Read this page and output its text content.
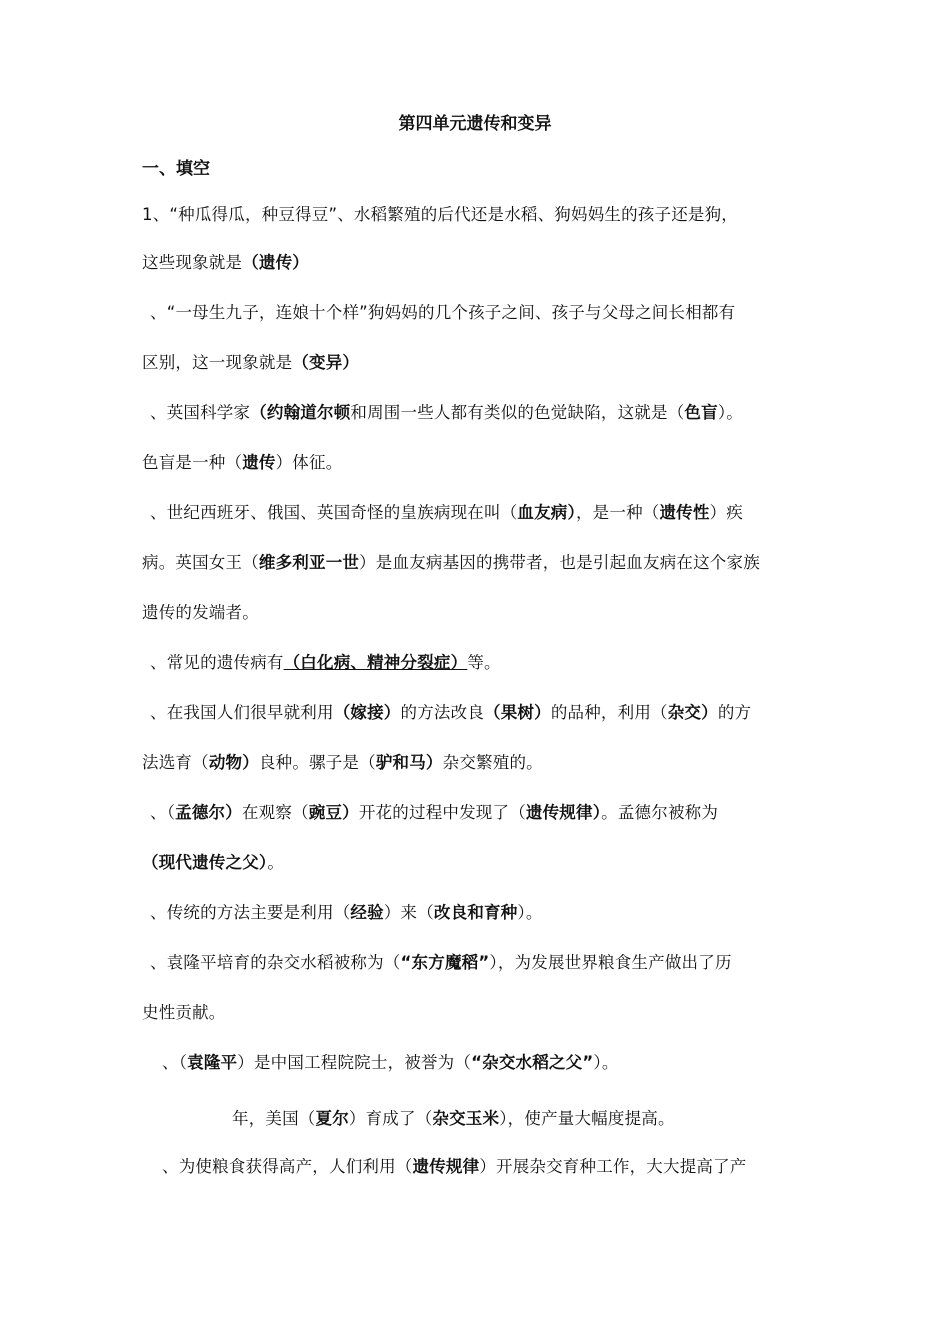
第四单元遗传和变异
一、填空
1、“种瓜得瓜，种豆得豆”、水稻繁殖的后代还是水稻、狗妈妈生的孩子还是狗，
这些现象就是（遗传）
、“一母生九子，连娘十个样”狗妈妈的几个孩子之间、孩子与父母之间长相都有
区别，这一现象就是（变异）
、英国科学家（约翰道尔顿和周围一些人都有类似的色觉缺陷，这就是（色盲）。
色盲是一种（遗传）体征。
、世纪西班牙、俄国、英国奇怪的皇族病现在叫（血友病），是一种（遗传性）疾
病。英国女王（维多利亚一世）是血友病基因的携带者，也是引起血友病在这个家族
遗传的发端者。
、常见的遗传病有（白化病、精神分裂症）等。
、在我国人们很早就利用（嫁接）的方法改良（果树）的品种，利用（杂交）的方
法选育（动物）良种。骡子是（驴和马）杂交繁殖的。
、（孟德尔）在观察（豌豆）开花的过程中发现了（遗传规律）。孟德尔被称为
（现代遗传之父）。
、传统的方法主要是利用（经验）来（改良和育种）。
、袁隆平培育的杂交水稻被称为（“东方魔稻”），为发展世界粮食生产做出了历
史性贡献。
、（袁隆平）是中国工程院院士，被誉为（“杂交水稻之父”）。
年，美国（夏尔）育成了（杂交玉米），使产量大幅度提高。
、为使粮食获得高产，人们利用（遗传规律）开展杂交育种工作，大大提高了产
